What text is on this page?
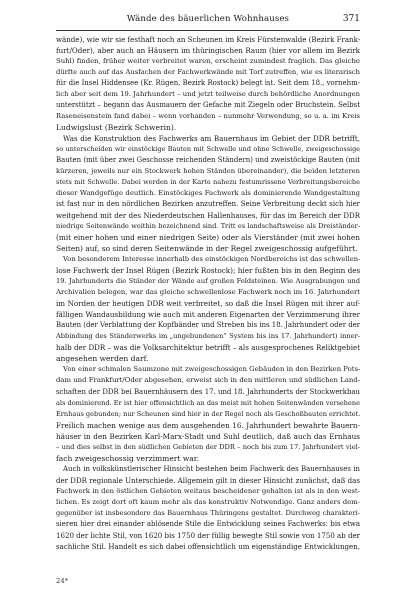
Wände des bäuerlichen Wohnhauses	371
wände), wie wir sie festhaft noch an Scheunen im Kreis Fürstenwalde (Bezirk Frank-
furt/Oder), aber auch an Häusern im thüringischen Raum (hier vor allem im Bezirk
Suhl) finden, früher weiter verbreitet waren, erscheint zumindest fraglich. Das gleiche
dürfte auch auf das Ausfachen der Fachwerkwände mit Torf zutreffen, wie es literarisch
für die Insel Hiddensee (Kr. Rügen, Bezirk Rostock) belegt ist. Seit dem 18., vornehm-
lich aber seit dem 19. Jahrhundert – und jetzt teilweise durch behördliche Anordnungen
unterstützt – begann das Ausmauern der Gefache mit Ziegeln oder Bruchstein. Selbst
Raseneisenstein fand dabei – wenn vorhanden – nunmehr Verwendung, so u. a. im Kreis
Ludwigslust (Bezirk Schwerin).
Was die Konstruktion des Fachwerks am Bauernhaus im Gebiet der DDR betrifft,
so unterscheiden wir einstöckige Bauten mit Schwelle und ohne Schwelle, zweigeschossige
Bauten (mit über zwei Geschosse reichenden Ständern) und zweistöckige Bauten (mit
kürzeren, jeweils nur ein Stockwerk hohen Ständen übereinander), die beiden letzteren
stets mit Schwelle. Dabei werden in der Karte nahezu festumrissene Verbreitungsbereiche
dieser Wandgefüge deutlich. Einstöckiges Fachwerk als dominierende Wandgestaltung
ist fast nur in den nördlichen Bezirken anzutreffen. Seine Verbreitung deckt sich hier
weitgehend mit der des Niederdeutschen Hallenhauses, für das im Bereich der DDR
niedrige Seitenwände weithin bezeichnend sind. Tritt es landschaftsweise als Dreiständer-
(mit einer hohen und einer niedrigen Seite) oder als Vierständer (mit zwei hohen
Seiten) auf, so sind deren Seitenwände in der Regel zweigeschossig aufgeführt.
Von besonderem Interesse innerhalb des einstöckigen Nordbereichs ist das schwellen-
lose Fachwerk der Insel Rügen (Bezirk Rostock); hier fußten bis in den Beginn des
19. Jahrhunderts die Ständer der Wände auf großen Feldsteinen. Wie Ausgrabungen und
Archivalien belegen, war das gleiche schwellenlose Fachwerk noch im 16. Jahrhundert
im Norden der heutigen DDR weit verbreitet, so daß die Insel Rügen mit ihrer auf-
fälligen Wandausbildung wie auch mit anderen Eigenarten der Verzimmerung ihrer
Bauten (der Verblattung der Kopfbänder und Streben bis ins 18. Jahrhundert oder der
Abbindung des Ständerwerks im „ungebundenen“ System bis ins 17. Jahrhundert) inner-
halb der DDR – was die Volksarchitektur betrifft – als ausgesprochenes Reliktgebiet
angesehen werden darf.
Von einer schmalen Saumzone mit zweigeschossigen Gebäuden in den Bezirken Pots-
dam und Frankfurt/Oder abgesehen, erweist sich in den mittleren und südlichen Land-
schaften der DDR bei Bauernhäusern des 17. und 18. Jahrhunderts der Stockwerkbau
als dominierend. Er ist hier offensichtlich an das meist mit hohen Seitenwänden versehene
Ernhaus gebunden; nur Scheunen sind hier in der Regel noch als Geschoßbauten errichtet.
Freilich machen wenige aus dem ausgehenden 16. Jahrhundert bewahrte Bauern-
häuser in den Bezirken Karl-Marx-Stadt und Suhl deutlich, daß auch das Ernhaus
– und dies selbst in den südlichen Gebieten der DDR – noch bis zum 17. Jahrhundert viel-
fach zweigeschossig verzimmert war.
Auch in volkskünstlerischer Hinsicht bestehen beim Fachwerk des Bauernhauses in
der DDR regionale Unterschiede. Allgemein gilt in dieser Hinsicht zunächst, daß das
Fachwerk in den östlichen Gebieten weitaus bescheidener gehalten ist als in den west-
lichen. Es zeigt dort oft kaum mehr als das konstruktiv Notwendige. Ganz anders dem-
gegenüber ist insbesondere das Bauernhaus Thüringens gestaltet. Durchweg charakteri-
sieren hier drei einander ablösende Stile die Entwicklung seines Fachwerks: bis etwa
1620 der lichte Stil, von 1620 bis 1750 der füllig bewegte Stil sowie von 1750 ab der
sachliche Stil. Handelt es sich dabei offensichtlich um eigenständige Entwicklungen,
24*
